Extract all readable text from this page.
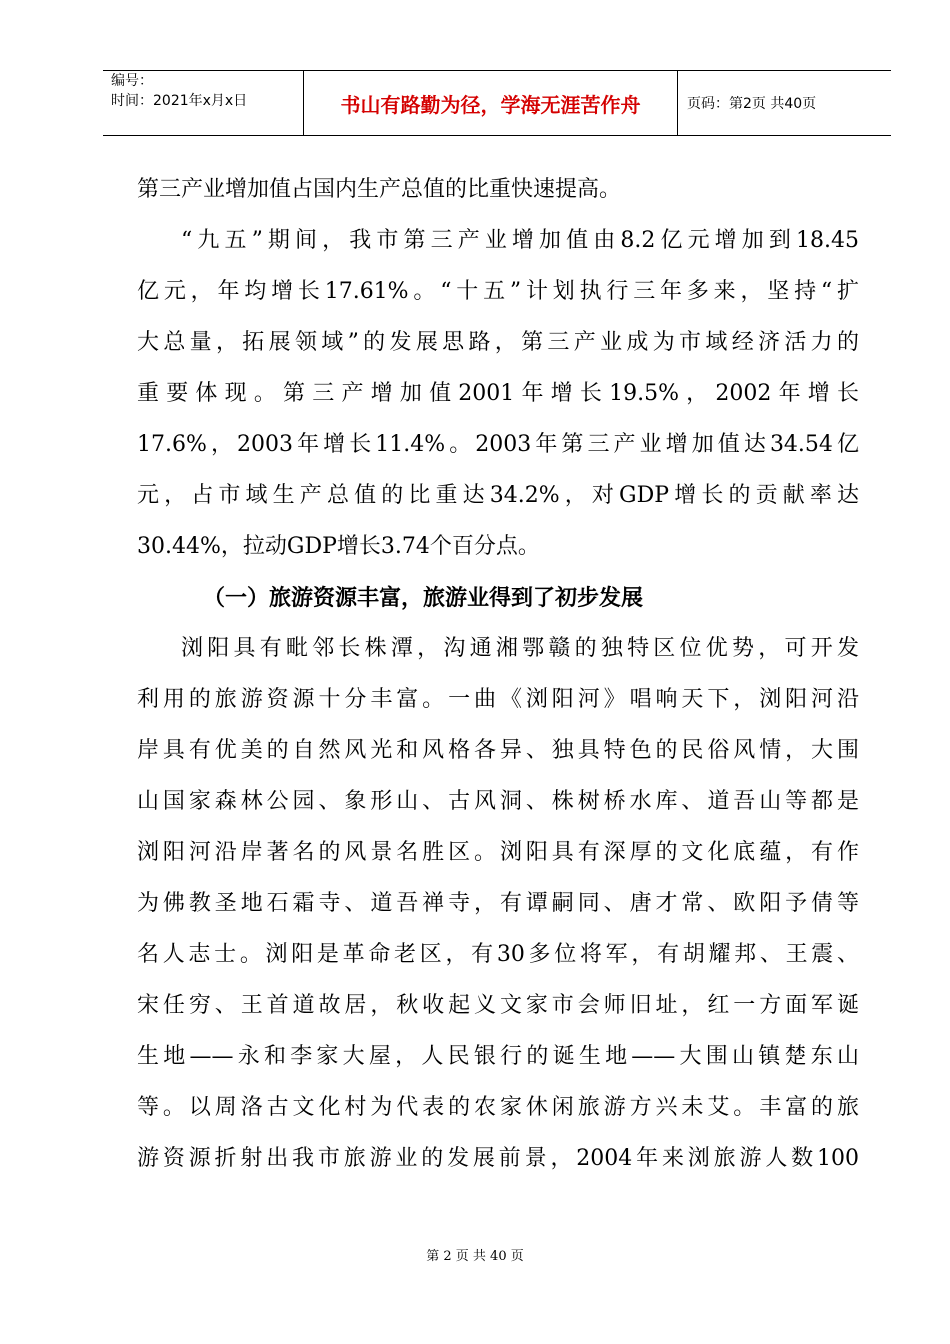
编号：
时间：2021年x月x日	书山有路勤为径，学海无涯苦作舟	页码：第2页 共40页
第三产业增加值占国内生产总值的比重快速提高。
“九五”期间，我市第三产业增加值由8.2亿元增加到18.45
亿元，年均增长17.61%。“十五”计划执行三年多来，坚持“扩
大总量，拓展领域”的发展思路，第三产业成为市域经济活力的
重要体现。第三产增加值2001年增长19.5%，2002年增长
17.6%，2003年增长11.4%。2003年第三产业增加值达34.54亿
元，占市域生产总值的比重达34.2%，对GDP增长的贡献率达
30.44%，拉动GDP增长3.74个百分点。
（一）旅游资源丰富，旅游业得到了初步发展
浏阳具有毗邻长株潭，沟通湘鄂赣的独特区位优势，可开发
利用的旅游资源十分丰富。一曲《浏阳河》唱响天下，浏阳河沿
岸具有优美的自然风光和风格各异、独具特色的民俗风情，大围
山国家森林公园、象形山、古风洞、株树桥水库、道吾山等都是
浏阳河沿岸著名的风景名胜区。浏阳具有深厚的文化底蕴，有作
为佛教圣地石霜寺、道吾禅寺，有谭嗣同、唐才常、欧阳予倩等
名人志士。浏阳是革命老区，有30多位将军，有胡耀邦、王震、
宋任穷、王首道故居，秋收起义文家市会师旧址，红一方面军诞
生地——永和李家大屋，人民银行的诞生地——大围山镇楚东山
等。以周洛古文化村为代表的农家休闲旅游方兴未艾。丰富的旅
游资源折射出我市旅游业的发展前景，2004年来浏旅游人数100
第 2 页 共 40 页
